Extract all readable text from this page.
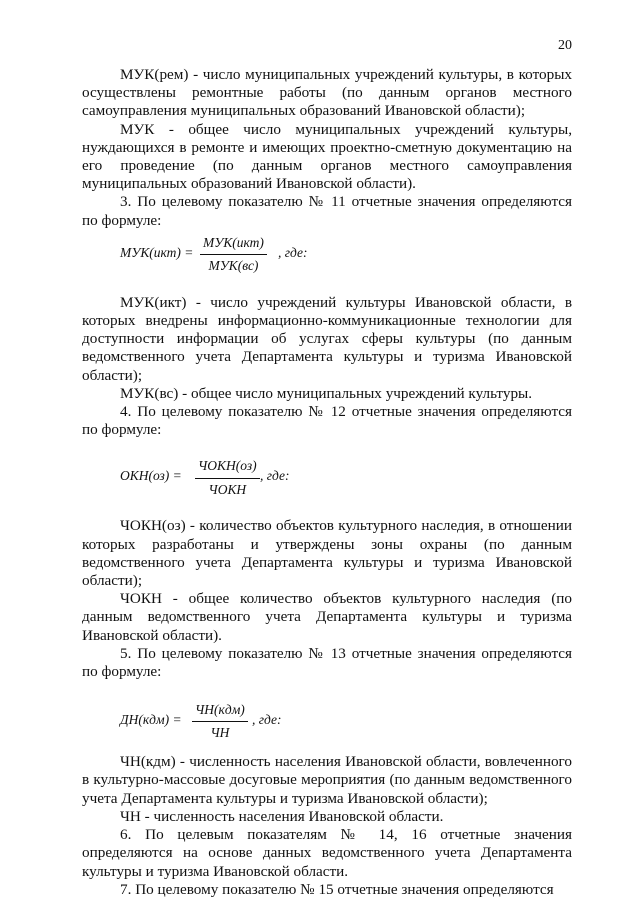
20

МУК(рем) - число муниципальных учреждений культуры, в которых осуществлены ремонтные работы (по данным органов местного самоуправления муниципальных образований Ивановской области);

МУК - общее число муниципальных учреждений культуры, нуждающихся в ремонте и имеющих проектно-сметную документацию на его проведение (по данным органов местного самоуправления муниципальных образований Ивановской области).

3. По целевому показателю № 11 отчетные значения определяются по формуле:

МУК(икт) =
МУК(икт)
МУК(вс)
, где:

МУК(икт) - число учреждений культуры Ивановской области, в которых внедрены информационно-коммуникационные технологии для доступности информации об услугах сферы культуры (по данным ведомственного учета Департамента культуры и туризма Ивановской области);

МУК(вс) - общее число муниципальных учреждений культуры.

4. По целевому показателю № 12 отчетные значения определяются по формуле:

ОКН(оз) =
ЧОКН(оз)
ЧОКН
, где:

ЧОКН(оз) - количество объектов культурного наследия, в отношении которых разработаны и утверждены зоны охраны (по данным ведомственного учета Департамента культуры и туризма Ивановской области);

ЧОКН - общее количество объектов культурного наследия (по данным ведомственного учета Департамента культуры и туризма Ивановской области).

5. По целевому показателю № 13 отчетные значения определяются по формуле:

ДН(кдм) =
ЧН(кдм)
ЧН
, где:

ЧН(кдм) - численность населения Ивановской области, вовлеченного в культурно-массовые досуговые мероприятия (по данным ведомственного учета Департамента культуры и туризма Ивановской области);

ЧН - численность населения Ивановской области.

6. По целевым показателям № 14, 16 отчетные значения определяются на основе данных ведомственного учета Департамента культуры и туризма Ивановской области.

7. По целевому показателю № 15 отчетные значения определяются
